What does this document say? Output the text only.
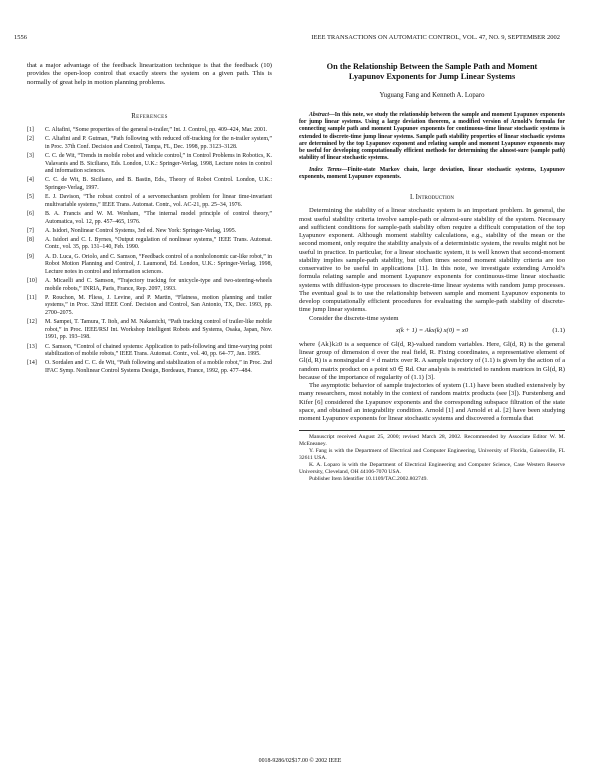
1556	IEEE TRANSACTIONS ON AUTOMATIC CONTROL, VOL. 47, NO. 9, SEPTEMBER 2002

that a major advantage of the feedback linearization technique is that the feedback (10) provides the open-loop control that exactly steers the system on a given path. This is normally of great help in motion planning problems.

References
[1] C. Altafini, “Some properties of the general n-trailer,” Int. J. Control, pp. 409–424, Mar. 2001.
[2] C. Altafini and P. Gutman, “Path following with reduced off-tracking for the n-trailer system,” in Proc. 37th Conf. Decision and Control, Tampa, FL, Dec. 1998, pp. 3123–3128.
[3] C. C. de Wit, “Trends in mobile robot and vehicle control,” in Control Problems in Robotics, K. Valavanis and B. Siciliano, Eds. London, U.K.: Springer-Verlag, 1998, Lecture notes in control and information sciences.
[4] C. C. de Wit, B. Siciliano, and B. Bastin, Eds., Theory of Robot Control. London, U.K.: Springer-Verlag, 1997.
[5] E. J. Davison, “The robust control of a servomechanism problem for linear time-invariant multivariable systems,” IEEE Trans. Automat. Contr., vol. AC-21, pp. 25–34, 1976.
[6] B. A. Francis and W. M. Wonham, “The internal model principle of control theory,” Automatica, vol. 12, pp. 457–465, 1976.
[7] A. Isidori, Nonlinear Control Systems, 3rd ed. New York: Springer-Verlag, 1995.
[8] A. Isidori and C. I. Byrnes, “Output regulation of nonlinear systems,” IEEE Trans. Automat. Contr., vol. 35, pp. 131–140, Feb. 1990.
[9] A. D. Luca, G. Oriolo, and C. Samson, “Feedback control of a nonholonomic car-like robot,” in Robot Motion Planning and Control, J. Laumond, Ed. London, U.K.: Springer-Verlag, 1998, Lecture notes in control and information sciences.
[10] A. Micaelli and C. Samson, “Trajectory tracking for unicycle-type and two-steering-wheels mobile robots,” INRIA, Paris, France, Rep. 2097, 1993.
[11] P. Rouchon, M. Fliess, J. Levine, and P. Martin, “Flatness, motion planning and trailer systems,” in Proc. 32nd IEEE Conf. Decision and Control, San Antonio, TX, Dec. 1993, pp. 2700–2075.
[12] M. Sampei, T. Tamura, T. Itoh, and M. Nakamichi, “Path tracking control of trailer-like mobile robot,” in Proc. IEEE/RSJ Int. Workshop Intelligent Robots and Systems, Osaka, Japan, Nov. 1991, pp. 193–198.
[13] C. Samson, “Control of chained systems: Application to path-following and time-varying point stabilization of mobile robots,” IEEE Trans. Automat. Contr., vol. 40, pp. 64–77, Jan. 1995.
[14] O. Sordalen and C. C. de Wit, “Path following and stabilization of a mobile robot,” in Proc. 2nd IFAC Symp. Nonlinear Control Systems Design, Bordeaux, France, 1992, pp. 477–484.
On the Relationship Between the Sample Path and Moment Lyapunov Exponents for Jump Linear Systems
Yuguang Fang and Kenneth A. Loparo

Abstract—In this note, we study the relationship between the sample and moment Lyapunov exponents for jump linear systems. Using a large deviation theorem, a modified version of Arnold’s formula for connecting sample path and moment Lyapunov exponents for continuous-time linear stochastic systems is extended to discrete-time jump linear systems. Sample path stability properties of linear stochastic systems are determined by the top Lyapunov exponent and relating sample and moment Lyapunov exponents may be useful for developing computationally efficient methods for determining the almost-sure (sample path) stability of linear stochastic systems.

Index Terms—Finite-state Markov chain, large deviation, linear stochastic systems, Lyapunov exponents, moment Lyapunov exponents.

I. Introduction

Determining the stability of a linear stochastic system is an important problem. In general, the most useful stability criteria involve sample-path or almost-sure stability of the system. Necessary and sufficient conditions for sample-path stability often require a difficult computation of the top Lyapunov exponent. Although moment stability calculations, e.g., stability of the mean or the second moment, only require the stability analysis of a deterministic system, the results might not be useful in practice. In particular, for a linear stochastic system, it is well known that second-moment stability implies sample-path stability, but often times second moment stability criteria are too conservative to be useful in applications [11]. In this note, we investigate extending Arnold’s formula relating sample and moment Lyapunov exponents for continuous-time linear stochastic systems with diffusion-type processes to discrete-time linear systems with random jump processes. The eventual goal is to use the relationship between sample and moment Lyapunov exponents to develop computationally efficient procedures for evaluating the sample-path stability of discrete-time jump linear systems.

Consider the discrete-time system

x(k + 1) = Akx(k) x(0) = x0	(1.1)

where {Ak}k≥0 is a sequence of Gl(d, R)-valued random variables. Here, Gl(d, R) is the general linear group of dimension d over the real field, R. Fixing coordinates, a representative element of Gl(d, R) is a nonsingular d × d matrix over R. A sample trajectory of (1.1) is given by the action of a random matrix product on a point x0 ∈ Rd. Our analysis is restricted to random matrices in Gl(d, R) because of the importance of regularity of (1.1) [3].

The asymptotic behavior of sample trajectories of system (1.1) have been studied extensively by many researchers, most notably in the context of random matrix products (see [3]). Furstenberg and Kifer [6] considered the Lyapunov exponents and the corresponding subspace filtration of the state space, and obtained an integrability condition. Arnold [1] and Arnold et al. [2] have been studying moment Lyapunov exponents for linear stochastic systems and discovered a formula that

Manuscript received August 25, 2000; revised March 28, 2002. Recommended by Associate Editor W. M. McEneaney.

Y. Fang is with the Department of Electrical and Computer Engineering, University of Florida, Gainesville, FL 32611 USA.

K. A. Loparo is with the Department of Electrical Engineering and Computer Science, Case Western Reserve University, Cleveland, OH 44106-7070 USA.

Publisher Item Identifier 10.1109/TAC.2002.802749.

0018-9286/02$17.00 © 2002 IEEE
